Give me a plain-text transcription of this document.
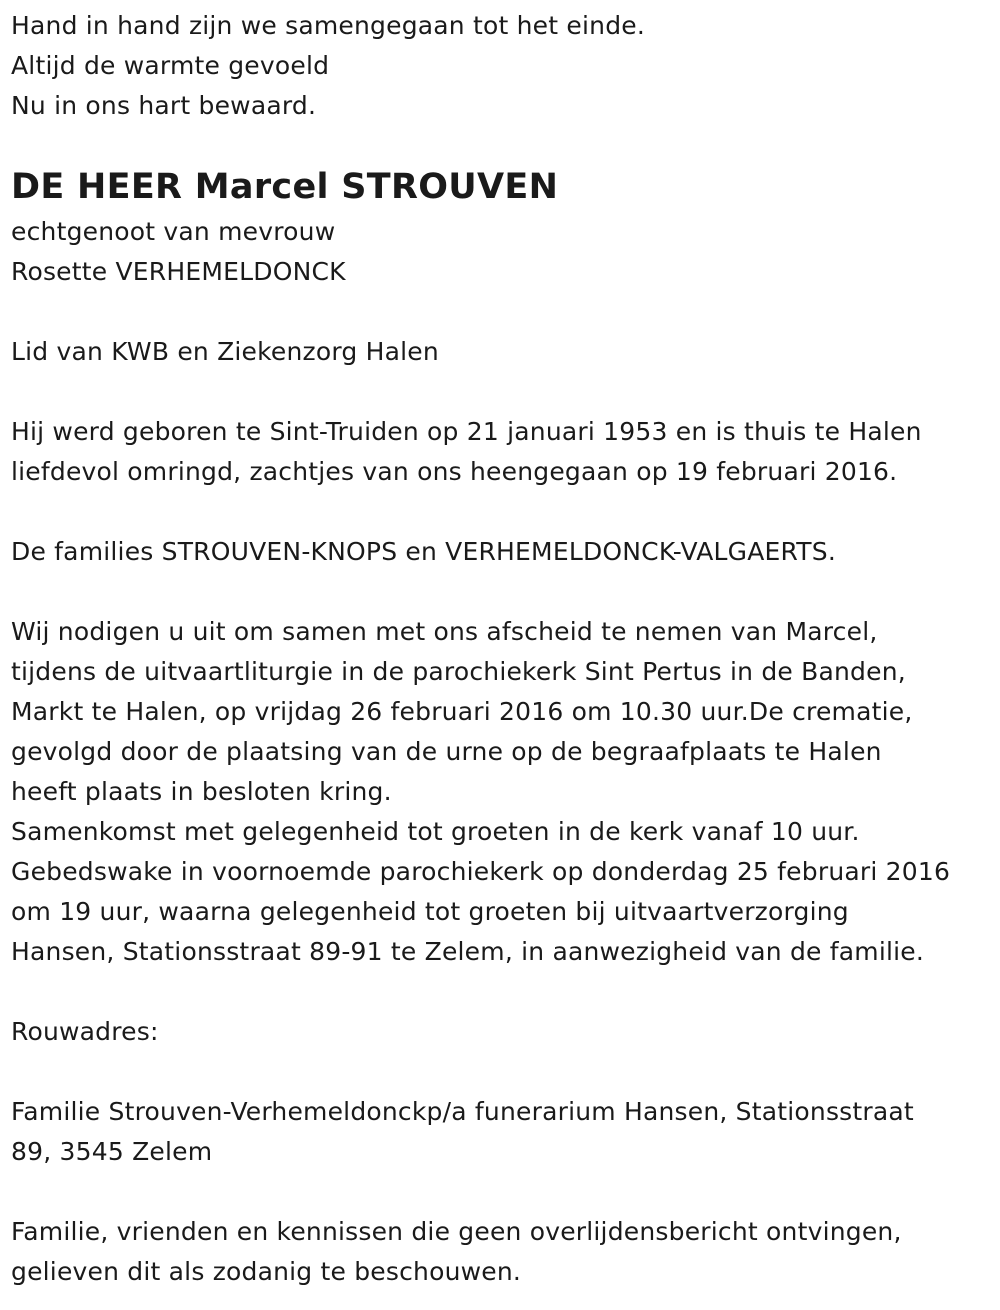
Hand in hand zijn we samengegaan tot het einde.
Altijd de warmte gevoeld
Nu in ons hart bewaard.
DE HEER Marcel STROUVEN
echtgenoot van mevrouw
Rosette VERHEMELDONCK
Lid van KWB en Ziekenzorg Halen
Hij werd geboren te Sint-Truiden op 21 januari 1953 en is thuis te Halen
liefdevol omringd, zachtjes van ons heengegaan op 19 februari 2016.
De families STROUVEN-KNOPS en VERHEMELDONCK-VALGAERTS.
Wij nodigen u uit om samen met ons afscheid te nemen van Marcel,
tijdens de uitvaartliturgie in de parochiekerk Sint Pertus in de Banden,
Markt te Halen, op vrijdag 26 februari 2016 om 10.30 uur.De crematie,
gevolgd door de plaatsing van de urne op de begraafplaats te Halen
heeft plaats in besloten kring.
Samenkomst met gelegenheid tot groeten in de kerk vanaf 10 uur.
Gebedswake in voornoemde parochiekerk op donderdag 25 februari 2016
om 19 uur, waarna gelegenheid tot groeten bij uitvaartverzorging
Hansen, Stationsstraat 89-91 te Zelem, in aanwezigheid van de familie.
Rouwadres:
Familie Strouven-Verhemeldonckp/a funerarium Hansen, Stationsstraat
89, 3545 Zelem
Familie, vrienden en kennissen die geen overlijdensbericht ontvingen,
gelieven dit als zodanig te beschouwen.
